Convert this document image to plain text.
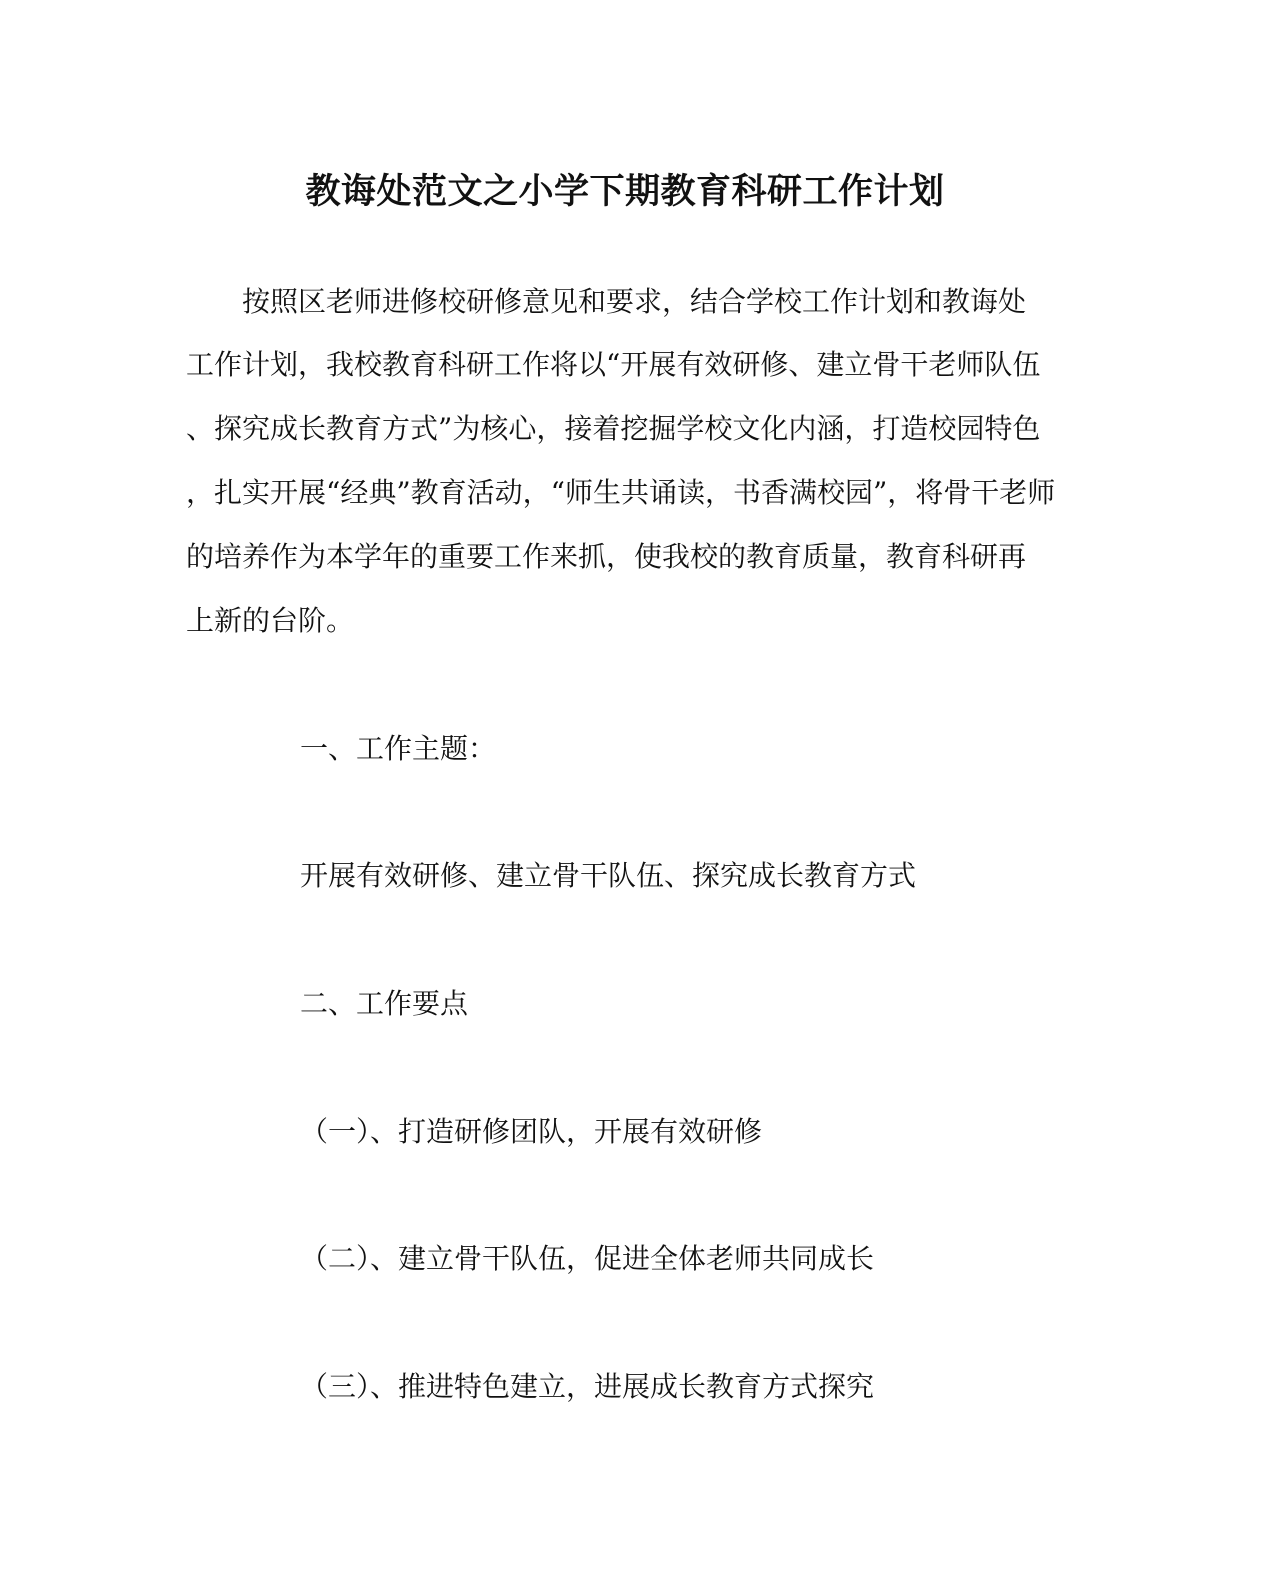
教诲处范文之小学下期教育科研工作计划
　　按照区老师进修校研修意见和要求，结合学校工作计划和教诲处
工作计划，我校教育科研工作将以“开展有效研修、建立骨干老师队伍
、探究成长教育方式”为核心，接着挖掘学校文化内涵，打造校园特色
，扎实开展“经典”教育活动，“师生共诵读，书香满校园”，将骨干老师
的培养作为本学年的重要工作来抓，使我校的教育质量，教育科研再
上新的台阶。
一、工作主题：
开展有效研修、建立骨干队伍、探究成长教育方式
二、工作要点
（一）、打造研修团队，开展有效研修
（二）、建立骨干队伍，促进全体老师共同成长
（三）、推进特色建立，进展成长教育方式探究
